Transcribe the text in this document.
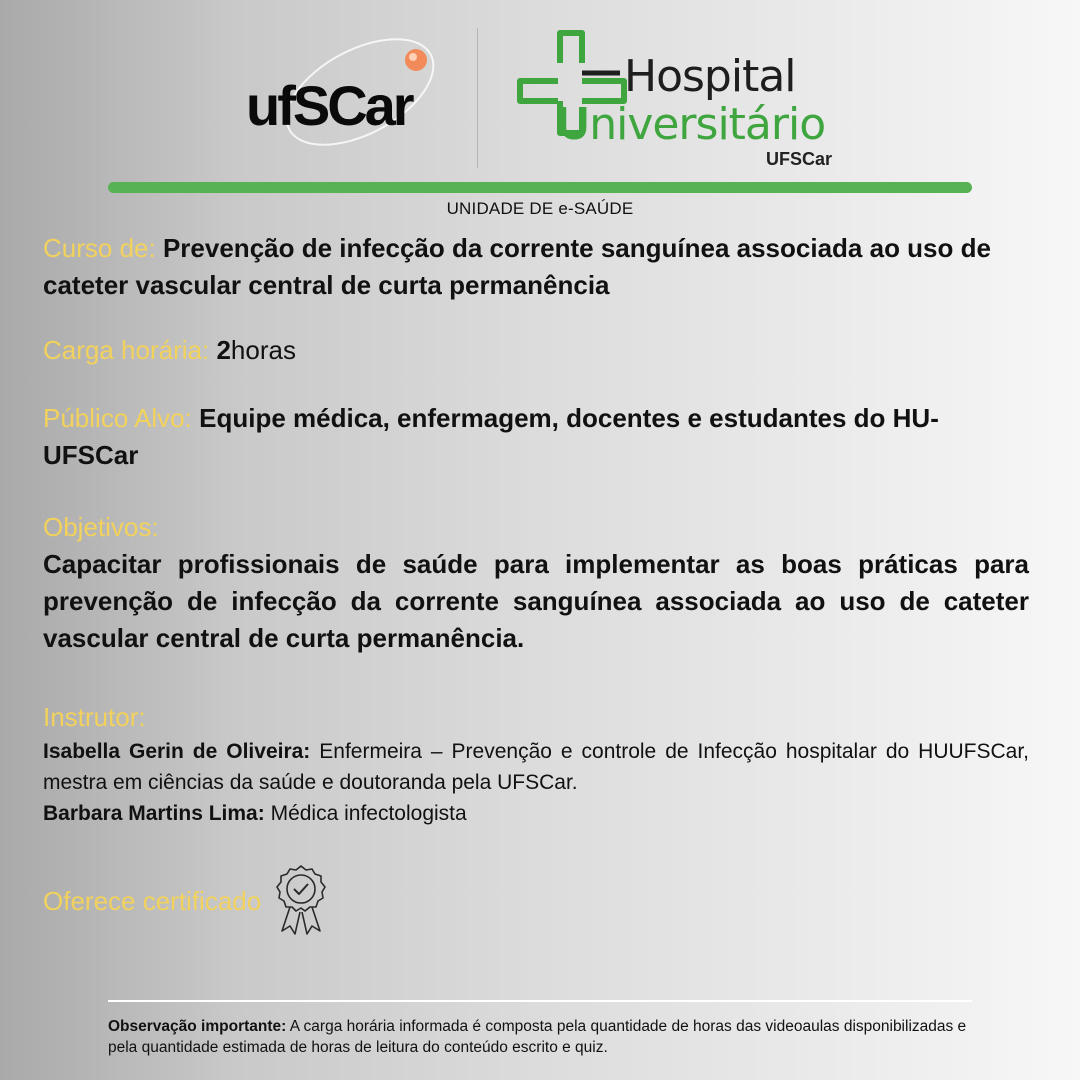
ufSCar	Hospital
Universitário
UFSCar
UNIDADE DE e-SAÚDE
Curso de: Prevenção de infecção da corrente sanguínea associada ao uso de cateter vascular central de curta permanência
Carga horária: 2horas
Público Alvo: Equipe médica, enfermagem, docentes e estudantes do HU-UFSCar
Objetivos:
Capacitar profissionais de saúde para implementar as boas práticas para prevenção de infecção da corrente sanguínea associada ao uso de cateter vascular central de curta permanência.
Instrutor:
Isabella Gerin de Oliveira: Enfermeira – Prevenção e controle de Infecção hospitalar do HUUFSCar, mestra em ciências da saúde e doutoranda pela UFSCar.
Barbara Martins Lima: Médica infectologista
Oferece certificado
Observação importante: A carga horária informada é composta pela quantidade de horas das videoaulas disponibilizadas e pela quantidade estimada de horas de leitura do conteúdo escrito e quiz.
